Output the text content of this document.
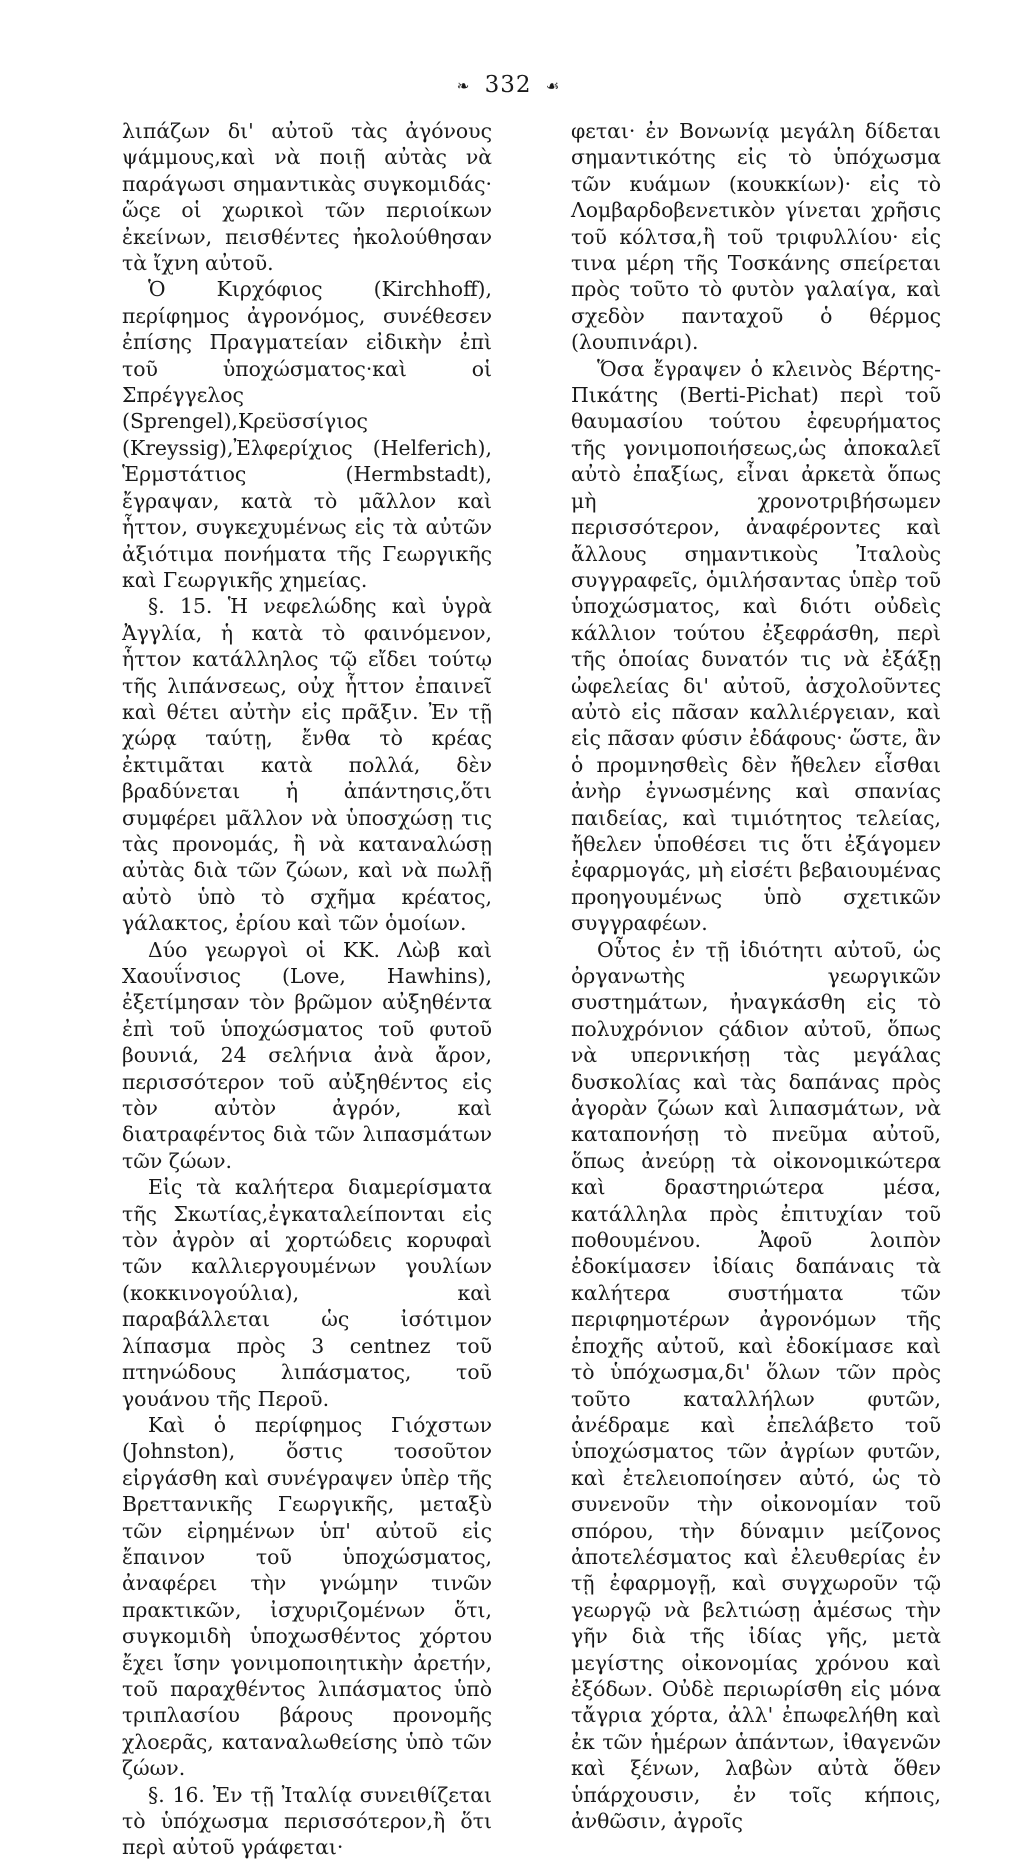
❧ 332 ☙

λιπάζων δι' αὐτοῦ τὰς ἀγόνους ψάμμους,καὶ νὰ ποιῇ αὐτὰς νὰ παράγωσι σημαντικὰς συγκομιδάς· ὥςε οἱ χωρικοὶ τῶν περιοίκων ἐκείνων, πεισθέντες ἠκολούθησαν τὰ ἴχνη αὐτοῦ.

Ὁ Κιρχόφιος (Kirchhoff), περίφημος ἀγρονόμος, συνέθεσεν ἐπίσης Πραγματείαν εἰδικὴν ἐπὶ τοῦ ὑποχώσματος·καὶ οἱ Σπρέγγελος (Sprengel),Κρεϋσσίγιος (Kreyssig),Ἐλφερίχιος (Helferich), Ἑρμστάτιος (Hermbstadt), ἔγραψαν, κατὰ τὸ μᾶλλον καὶ ἧττον, συγκεχυμένως εἰς τὰ αὐτῶν ἀξιότιμα πονήματα τῆς Γεωργικῆς καὶ Γεωργικῆς χημείας.

§. 15. Ἡ νεφελώδης καὶ ὑγρὰ Ἀγγλία, ἡ κατὰ τὸ φαινόμενον, ἧττον κατάλληλος τῷ εἴδει τούτῳ τῆς λιπάνσεως, οὐχ ἧττον ἐπαινεῖ καὶ θέτει αὐτὴν εἰς πρᾶξιν. Ἐν τῇ χώρᾳ ταύτῃ, ἔνθα τὸ κρέας ἐκτιμᾶται κατὰ πολλά, δὲν βραδύνεται ἡ ἀπάντησις,ὅτι συμφέρει μᾶλλον νὰ ὑποσχώσῃ τις τὰς προνομάς, ἢ νὰ καταναλώσῃ αὐτὰς διὰ τῶν ζώων, καὶ νὰ πωλῇ αὐτὸ ὑπὸ τὸ σχῆμα κρέατος, γάλακτος, ἐρίου καὶ τῶν ὁμοίων.

Δύο γεωργοὶ οἱ ΚΚ. Λὼβ καὶ Χαουΐνσιος (Love, Hawhins), ἐξετίμησαν τὸν βρῶμον αὐξηθέντα ἐπὶ τοῦ ὑποχώσματος τοῦ φυτοῦ βουνιά, 24 σελήνια ἀνὰ ἄρον, περισσότερον τοῦ αὐξηθέντος εἰς τὸν αὐτὸν ἀγρόν, καὶ διατραφέντος διὰ τῶν λιπασμάτων τῶν ζώων.

Εἰς τὰ καλήτερα διαμερίσματα τῆς Σκωτίας,ἐγκαταλείπονται εἰς τὸν ἀγρὸν αἱ χορτώδεις κορυφαὶ τῶν καλλιεργουμένων γουλίων (κοκκινογούλια), καὶ παραβάλλεται ὡς ἰσότιμον λίπασμα πρὸς 3 centnez τοῦ πτηνώδους λιπάσματος, τοῦ γουάνου τῆς Περοῦ.

Καὶ ὁ περίφημος Γιόχστων (Johnston), ὅστις τοσοῦτον εἰργάσθη καὶ συνέγραψεν ὑπὲρ τῆς Βρεττανικῆς Γεωργικῆς, μεταξὺ τῶν εἰρημένων ὑπ' αὐτοῦ εἰς ἔπαινον τοῦ ὑποχώσματος, ἀναφέρει τὴν γνώμην τινῶν πρακτικῶν, ἰσχυριζομένων ὅτι, συγκομιδὴ ὑποχωσθέντος χόρτου ἔχει ἴσην γονιμοποιητικὴν ἀρετήν, τοῦ παραχθέντος λιπάσματος ὑπὸ τριπλασίου βάρους προνομῆς χλοερᾶς, καταναλωθείσης ὑπὸ τῶν ζώων.

§. 16. Ἐν τῇ Ἰταλίᾳ συνειθίζεται τὸ ὑπόχωσμα περισσότερον,ἢ ὅτι περὶ αὐτοῦ γράφεται·

φεται· ἐν Βονωνίᾳ μεγάλη δίδεται σημαντικότης εἰς τὸ ὑπόχωσμα τῶν κυάμων (κουκκίων)· εἰς τὸ Λομβαρδοβενετικὸν γίνεται χρῆσις τοῦ κόλτσα,ἢ τοῦ τριφυλλίου· εἰς τινα μέρη τῆς Τοσκάνης σπείρεται πρὸς τοῦτο τὸ φυτὸν γαλαίγα, καὶ σχεδὸν πανταχοῦ ὁ θέρμος (λουπινάρι).

Ὅσα ἔγραψεν ὁ κλεινὸς Βέρτης-Πικάτης (Berti-Pichat) περὶ τοῦ θαυμασίου τούτου ἐφευρήματος τῆς γονιμοποιήσεως,ὡς ἀποκαλεῖ αὐτὸ ἐπαξίως, εἶναι ἀρκετὰ ὅπως μὴ χρονοτριβήσωμεν περισσότερον, ἀναφέροντες καὶ ἄλλους σημαντικοὺς Ἰταλοὺς συγγραφεῖς, ὁμιλήσαντας ὑπὲρ τοῦ ὑποχώσματος, καὶ διότι οὐδεὶς κάλλιον τούτου ἐξεφράσθη, περὶ τῆς ὁποίας δυνατόν τις νὰ ἐξάξῃ ὠφελείας δι' αὐτοῦ, ἀσχολοῦντες αὐτὸ εἰς πᾶσαν καλλιέργειαν, καὶ εἰς πᾶσαν φύσιν ἐδάφους· ὥστε, ἂν ὁ προμνησθεὶς δὲν ἤθελεν εἶσθαι ἀνὴρ ἐγνωσμένης καὶ σπανίας παιδείας, καὶ τιμιότητος τελείας, ἤθελεν ὑποθέσει τις ὅτι ἐξάγομεν ἐφαρμογάς, μὴ εἰσέτι βεβαιουμένας προηγουμένως ὑπὸ σχετικῶν συγγραφέων.

Οὗτος ἐν τῇ ἰδιότητι αὐτοῦ, ὡς ὀργανωτὴς γεωργικῶν συστημάτων, ἠναγκάσθη εἰς τὸ πολυχρόνιον ςάδιον αὐτοῦ, ὅπως νὰ υπερνικήσῃ τὰς μεγάλας δυσκολίας καὶ τὰς δαπάνας πρὸς ἀγορὰν ζώων καὶ λιπασμάτων, νὰ καταπονήσῃ τὸ πνεῦμα αὐτοῦ, ὅπως ἀνεύρῃ τὰ οἰκονομικώτερα καὶ δραστηριώτερα μέσα, κατάλληλα πρὸς ἐπιτυχίαν τοῦ ποθουμένου. Ἀφοῦ λοιπὸν ἐδοκίμασεν ἰδίαις δαπάναις τὰ καλήτερα συστήματα τῶν περιφημοτέρων ἀγρονόμων τῆς ἐποχῆς αὐτοῦ, καὶ ἐδοκίμασε καὶ τὸ ὑπόχωσμα,δι' ὅλων τῶν πρὸς τοῦτο καταλλήλων φυτῶν, ἀνέδραμε καὶ ἐπελάβετο τοῦ ὑποχώσματος τῶν ἀγρίων φυτῶν, καὶ ἐτελειοποίησεν αὐτό, ὡς τὸ συνενοῦν τὴν οἰκονομίαν τοῦ σπόρου, τὴν δύναμιν μείζονος ἀποτελέσματος καὶ ἐλευθερίας ἐν τῇ ἐφαρμογῇ, καὶ συγχωροῦν τῷ γεωργῷ νὰ βελτιώσῃ ἀμέσως τὴν γῆν διὰ τῆς ἰδίας γῆς, μετὰ μεγίστης οἰκονομίας χρόνου καὶ ἐξόδων. Οὐδὲ περιωρίσθη εἰς μόνα τἄγρια χόρτα, ἀλλ' ἐπωφελήθη καὶ ἐκ τῶν ἡμέρων ἁπάντων, ἰθαγενῶν καὶ ξένων, λαβὼν αὐτὰ ὅθεν ὑπάρχουσιν, ἐν τοῖς κήποις, ἀνθῶσιν, ἀγροῖς
